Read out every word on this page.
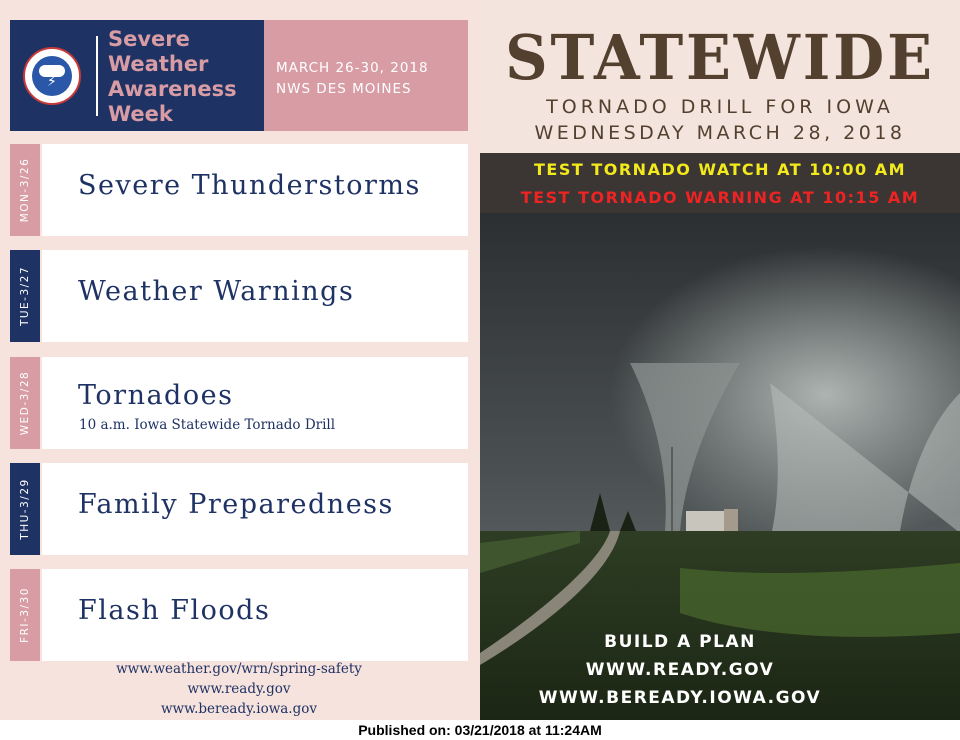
⚡
Severe
Weather
Awareness
Week
MARCH 26-30, 2018
NWS DES MOINES
MON-3/26 Severe Thunderstorms
TUE-3/27 Weather Warnings
WED-3/28 Tornadoes
10 a.m. Iowa Statewide Tornado Drill
THU-3/29 Family Preparedness
FRI-3/30 Flash Floods
www.weather.gov/wrn/spring-safety
www.ready.gov
www.beready.iowa.gov
STATEWIDE
TORNADO DRILL FOR IOWA
WEDNESDAY MARCH 28, 2018
TEST TORNADO WATCH AT 10:00 AM
TEST TORNADO WARNING AT 10:15 AM
BUILD A PLAN
WWW.READY.GOV
WWW.BEREADY.IOWA.GOV
Published on: 03/21/2018 at 11:24AM
